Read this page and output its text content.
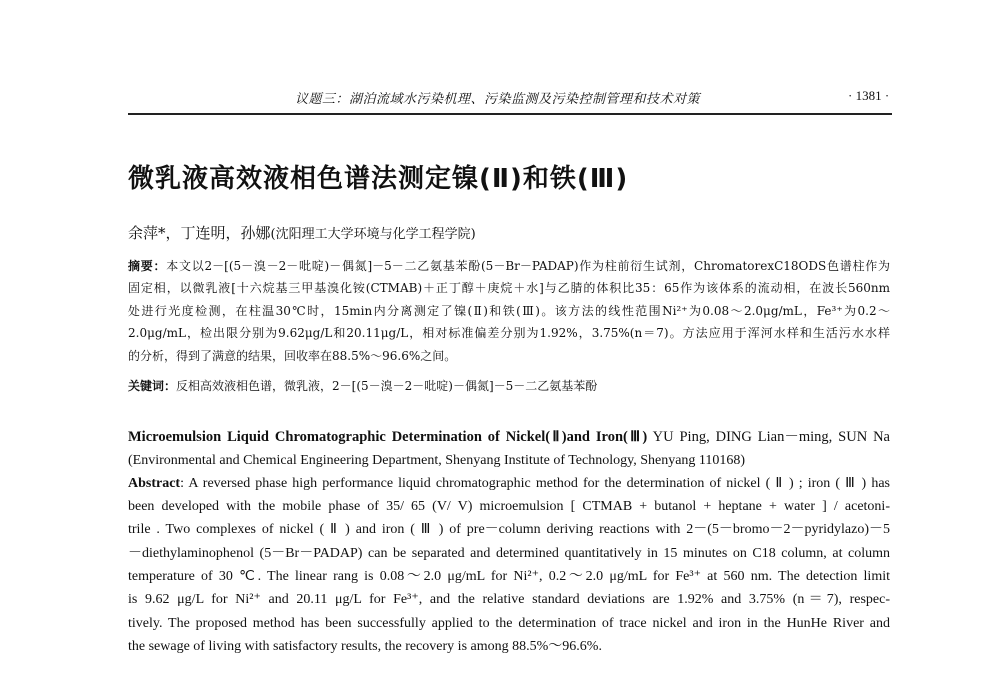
议题三：湖泊流域水污染机理、污染监测及污染控制管理和技术对策	· 1381 ·
微乳液高效液相色谱法测定镍(Ⅱ)和铁(Ⅲ)
余萍*，丁连明，孙娜(沈阳理工大学环境与化学工程学院)
摘要：本文以2－[(5－溴－2－吡啶)－偶氮]－5－二乙氨基苯酚(5－Br－PADAP)作为柱前衍生试剂，ChromatorexC18ODS色谱柱作为
固定相，以微乳液[十六烷基三甲基溴化铵(CTMAB)＋正丁醇＋庚烷＋水]与乙腈的体积比35：65作为该体系的流动相，在波长560nm
处进行光度检测，在柱温30℃时，15min内分离测定了镍(Ⅱ)和铁(Ⅲ)。该方法的线性范围Ni²⁺为0.08～2.0μg/mL，Fe³⁺为0.2～
2.0μg/mL，检出限分别为9.62μg/L和20.11μg/L，相对标准偏差分别为1.92%，3.75%(n＝7)。方法应用于浑河水样和生活污水水样
的分析，得到了满意的结果，回收率在88.5%～96.6%之间。
关键词：反相高效液相色谱，微乳液，2－[(5－溴－2－吡啶)－偶氮]－5－二乙氨基苯酚
Microemulsion Liquid Chromatographic Determination of Nickel(Ⅱ)and Iron(Ⅲ) YU Ping, DING Lian－ming, SUN Na
(Environmental and Chemical Engineering Department, Shenyang Institute of Technology, Shenyang 110168)
Abstract: A reversed phase high performance liquid chromatographic method for the determination of nickel ( Ⅱ ) ; iron ( Ⅲ ) has
been developed with the mobile phase of 35/ 65 (V/ V) microemulsion [ CTMAB + butanol + heptane + water ] / acetoni-
trile . Two complexes of nickel ( Ⅱ ) and iron ( Ⅲ ) of pre－column deriving reactions with 2－(5－bromo－2－pyridylazo)－5
－diethylaminophenol (5－Br－PADAP) can be separated and determined quantitatively in 15 minutes on C18 column, at column
temperature of 30 ℃. The linear rang is 0.08～2.0 μg/mL for Ni²⁺, 0.2～2.0 μg/mL for Fe³⁺ at 560 nm. The detection limit
is 9.62 μg/L for Ni²⁺ and 20.11 μg/L for Fe³⁺, and the relative standard deviations are 1.92% and 3.75% (n＝7), respec-
tively. The proposed method has been successfully applied to the determination of trace nickel and iron in the HunHe River and
the sewage of living with satisfactory results, the recovery is among 88.5%～96.6%.
